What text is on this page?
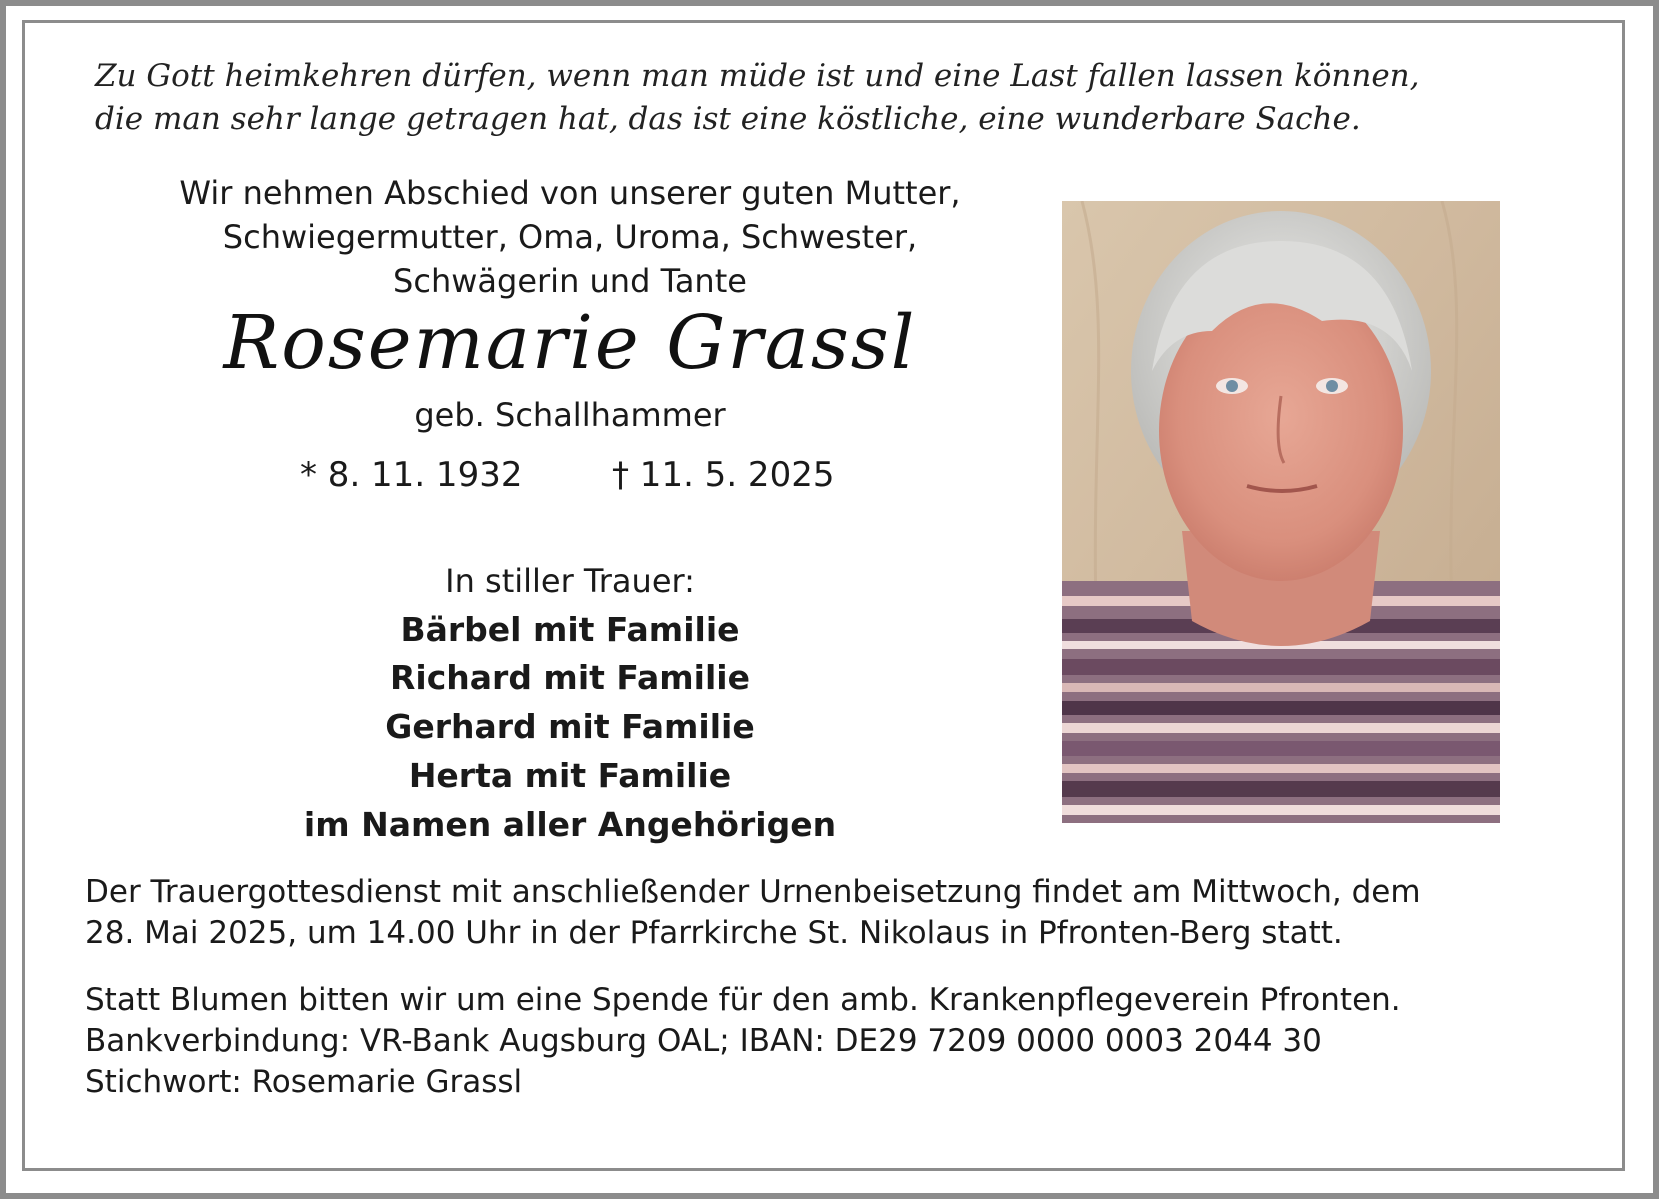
Zu Gott heimkehren dürfen, wenn man müde ist und eine Last fallen lassen können,
die man sehr lange getragen hat, das ist eine köstliche, eine wunderbare Sache.
Wir nehmen Abschied von unserer guten Mutter,
Schwiegermutter, Oma, Uroma, Schwester,
Schwägerin und Tante
Rosemarie Grassl
geb. Schallhammer
* 8. 11. 1932	† 11. 5. 2025
In stiller Trauer:
Bärbel mit Familie
Richard mit Familie
Gerhard mit Familie
Herta mit Familie
im Namen aller Angehörigen
Der Trauergottesdienst mit anschließender Urnenbeisetzung findet am Mittwoch, dem
28. Mai 2025, um 14.00 Uhr in der Pfarrkirche St. Nikolaus in Pfronten-Berg statt.
Statt Blumen bitten wir um eine Spende für den amb. Krankenpflegeverein Pfronten.
Bankverbindung: VR-Bank Augsburg OAL; IBAN: DE29 7209 0000 0003 2044 30
Stichwort: Rosemarie Grassl
